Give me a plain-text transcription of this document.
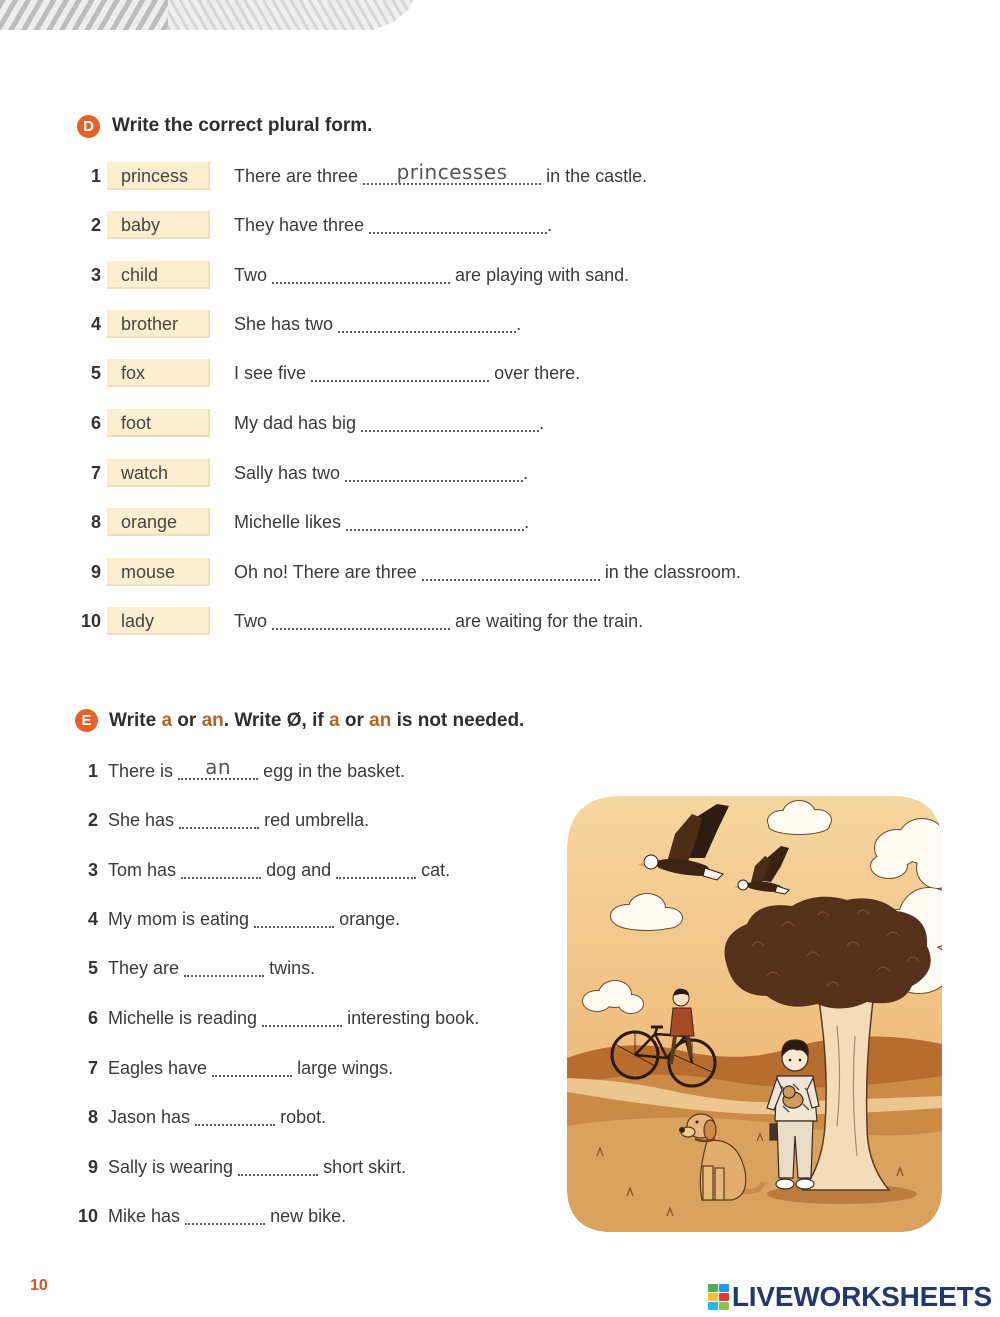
D Write the correct plural form.
1	princess	There are three	princesses	in the castle.
2	baby	They have three	.
3	child	Two	are playing with sand.
4	brother	She has two	.
5	fox	I see five	over there.
6	foot	My dad has big	.
7	watch	Sally has two	.
8	orange	Michelle likes	.
9	mouse	Oh no! There are three	in the classroom.
10	lady	Two	are waiting for the train.
E Write a or an. Write Ø, if a or an is not needed.
1 There is	an	egg in the basket.
2 She has	red umbrella.
3 Tom has	dog and	cat.
4 My mom is eating	orange.
5 They are	twins.
6 Michelle is reading	interesting book.
7 Eagles have	large wings.
8 Jason has	robot.
9 Sally is wearing	short skirt.
10 Mike has	new bike.
10	LIVEWORKSHEETS
